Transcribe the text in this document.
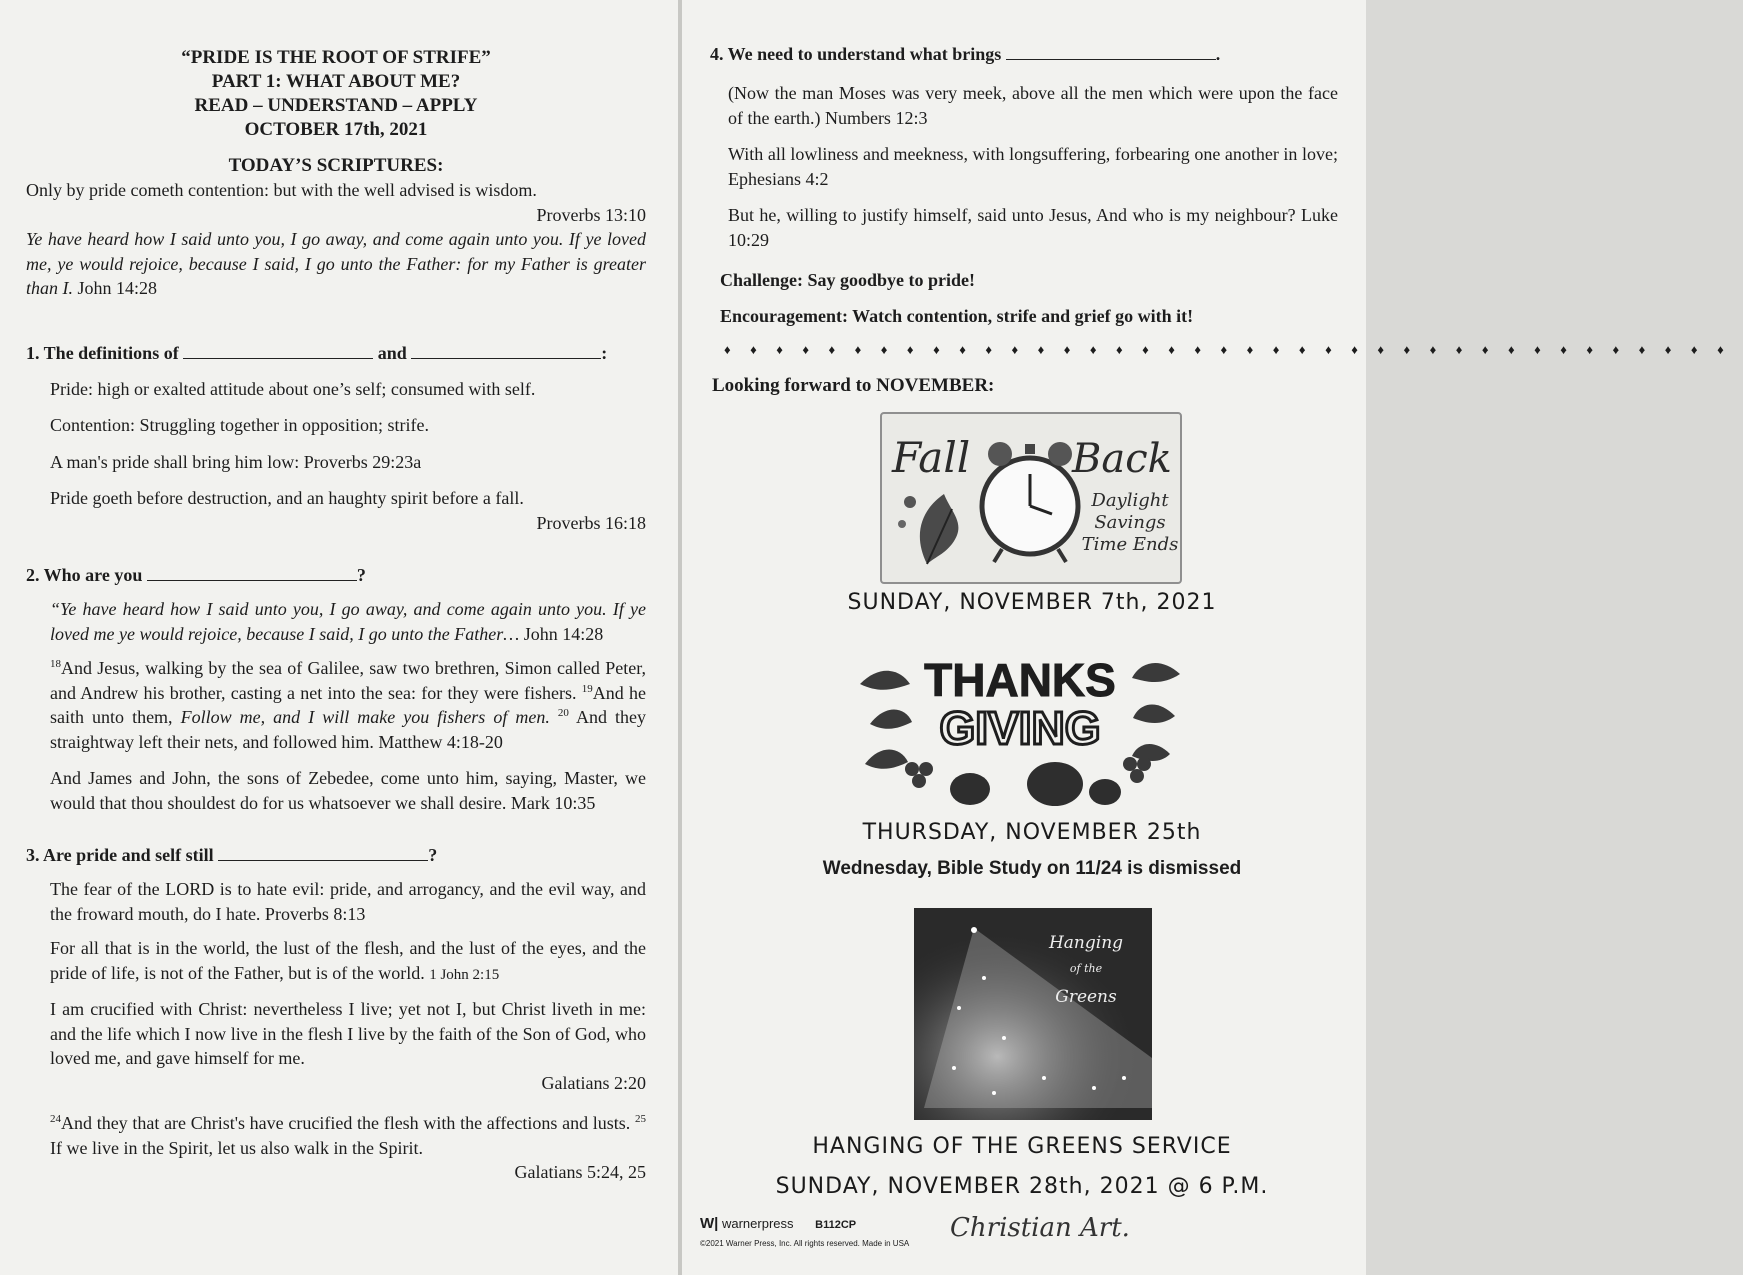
“PRIDE IS THE ROOT OF STRIFE”
PART 1: WHAT ABOUT ME?
READ – UNDERSTAND – APPLY
OCTOBER 17th, 2021
TODAY’S SCRIPTURES:

Only by pride cometh contention: but with the well advised is wisdom.

Proverbs 13:10

Ye have heard how I said unto you, I go away, and come again unto you. If ye loved me, ye would rejoice, because I said, I go unto the Father: for my Father is greater than I. John 14:28

1. The definitions of	and	:

Pride: high or exalted attitude about one’s self; consumed with self.

Contention: Struggling together in opposition; strife.

A man's pride shall bring him low: Proverbs 29:23a

Pride goeth before destruction, and an haughty spirit before a fall.

Proverbs 16:18

2. Who are you	?

“Ye have heard how I said unto you, I go away, and come again unto you. If ye loved me ye would rejoice, because I said, I go unto the Father… John 14:28

$^{18}$And Jesus, walking by the sea of Galilee, saw two brethren, Simon called Peter, and Andrew his brother, casting a net into the sea: for they were fishers. $^{19}$And he saith unto them, Follow me, and I will make you fishers of men. $^{20}$ And they straightway left their nets, and followed him. Matthew 4:18-20

And James and John, the sons of Zebedee, come unto him, saying, Master, we would that thou shouldest do for us whatsoever we shall desire. Mark 10:35

3. Are pride and self still	?

The fear of the LORD is to hate evil: pride, and arrogancy, and the evil way, and the froward mouth, do I hate. Proverbs 8:13

For all that is in the world, the lust of the flesh, and the lust of the eyes, and the pride of life, is not of the Father, but is of the world. 1 John 2:15

I am crucified with Christ: nevertheless I live; yet not I, but Christ liveth in me: and the life which I now live in the flesh I live by the faith of the Son of God, who loved me, and gave himself for me.

Galatians 2:20

$^{24}$And they that are Christ's have crucified the flesh with the affections and lusts. $^{25}$ If we live in the Spirit, let us also walk in the Spirit.

Galatians 5:24, 25

4. We need to understand what brings	.

(Now the man Moses was very meek, above all the men which were upon the face of the earth.) Numbers 12:3

With all lowliness and meekness, with longsuffering, forbearing one another in love; Ephesians 4:2

But he, willing to justify himself, said unto Jesus, And who is my neighbour? Luke 10:29

Challenge: Say goodbye to pride!
Encouragement: Watch contention, strife and grief go with it!
♦♦♦♦♦♦♦♦♦♦♦♦♦♦♦♦♦♦♦♦♦♦♦♦♦♦♦♦♦♦♦♦♦♦♦♦♦♦♦
Looking forward to NOVEMBER:
Fall	Back
Daylight
Savings
Time Ends
SUNDAY, NOVEMBER 7th, 2021
THANKS
GIVING
THURSDAY, NOVEMBER 25th
Wednesday, Bible Study on 11/24 is dismissed
Hanging
of the
Greens
HANGING OF THE GREENS SERVICE
SUNDAY, NOVEMBER 28th, 2021 @ 6 P.M.
W| warnerpress B112CP
©2021 Warner Press, Inc. All rights reserved. Made in USA
Christian Art.
